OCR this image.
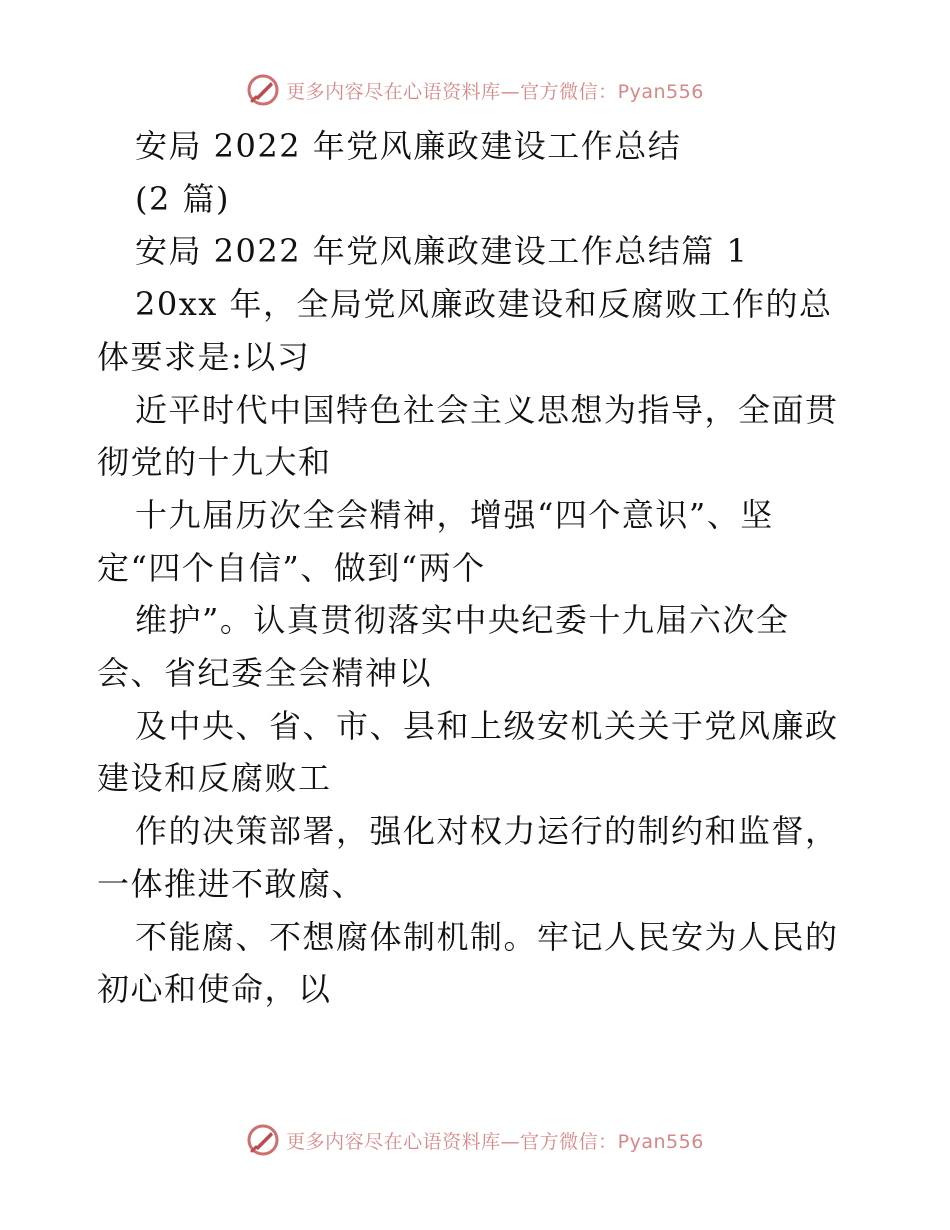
更多内容尽在心语资料库—官方微信：Pyan556
安局 2022 年党风廉政建设工作总结
(2 篇)
安局 2022 年党风廉政建设工作总结篇 1
20xx 年，全局党风廉政建设和反腐败工作的总
体要求是:以习
近平时代中国特色社会主义思想为指导，全面贯
彻党的十九大和
十九届历次全会精神，增强“四个意识”、坚
定“四个自信”、做到“两个
维护”。认真贯彻落实中央纪委十九届六次全
会、省纪委全会精神以
及中央、省、市、县和上级安机关关于党风廉政
建设和反腐败工
作的决策部署，强化对权力运行的制约和监督，
一体推进不敢腐、
不能腐、不想腐体制机制。牢记人民安为人民的
初心和使命，以
更多内容尽在心语资料库—官方微信：Pyan556
